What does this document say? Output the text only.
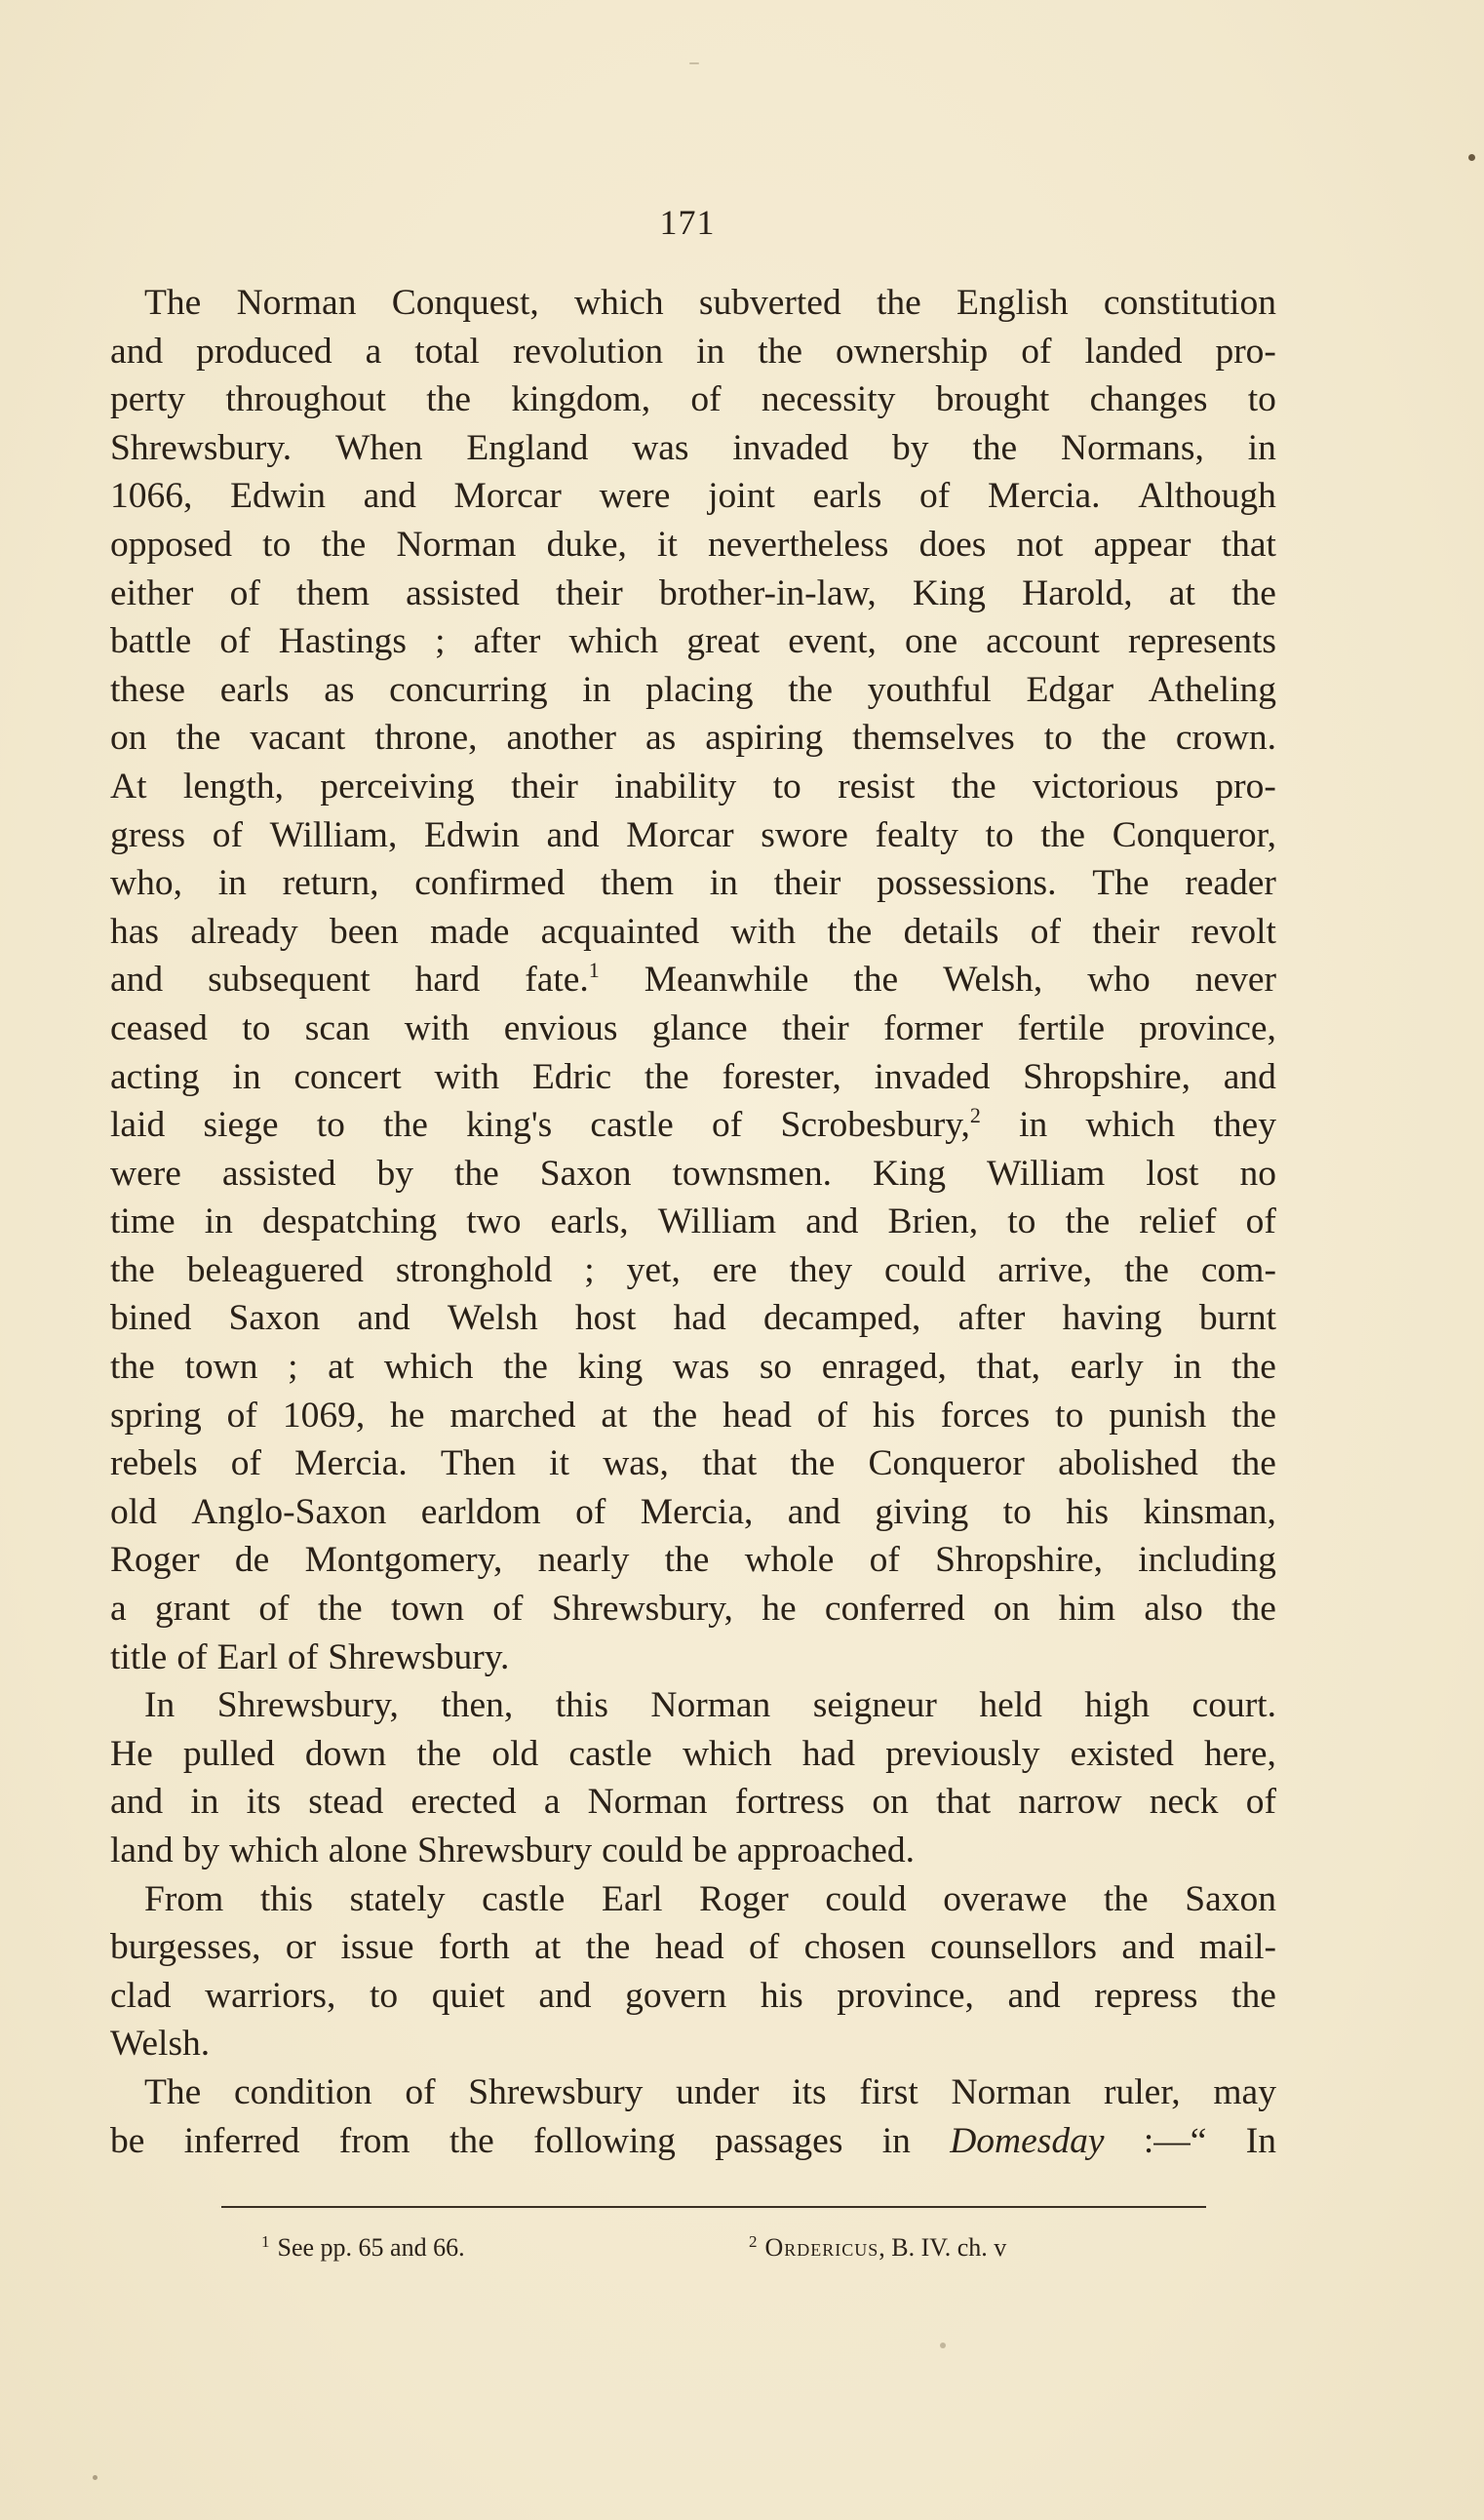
171
The Norman Conquest, which subverted the English constitution
and produced a total revolution in the ownership of landed pro-
perty throughout the kingdom, of necessity brought changes to
Shrewsbury. When England was invaded by the Normans, in
1066, Edwin and Morcar were joint earls of Mercia. Although
opposed to the Norman duke, it nevertheless does not appear that
either of them assisted their brother-in-law, King Harold, at the
battle of Hastings ; after which great event, one account represents
these earls as concurring in placing the youthful Edgar Atheling
on the vacant throne, another as aspiring themselves to the crown.
At length, perceiving their inability to resist the victorious pro-
gress of William, Edwin and Morcar swore fealty to the Conqueror,
who, in return, confirmed them in their possessions. The reader
has already been made acquainted with the details of their revolt
and subsequent hard fate.$^1$ Meanwhile the Welsh, who never
ceased to scan with envious glance their former fertile province,
acting in concert with Edric the forester, invaded Shropshire, and
laid siege to the king's castle of Scrobesbury,$^2$ in which they
were assisted by the Saxon townsmen. King William lost no
time in despatching two earls, William and Brien, to the relief of
the beleaguered stronghold ; yet, ere they could arrive, the com-
bined Saxon and Welsh host had decamped, after having burnt
the town ; at which the king was so enraged, that, early in the
spring of 1069, he marched at the head of his forces to punish the
rebels of Mercia. Then it was, that the Conqueror abolished the
old Anglo-Saxon earldom of Mercia, and giving to his kinsman,
Roger de Montgomery, nearly the whole of Shropshire, including
a grant of the town of Shrewsbury, he conferred on him also the
title of Earl of Shrewsbury.
In Shrewsbury, then, this Norman seigneur held high court.
He pulled down the old castle which had previously existed here,
and in its stead erected a Norman fortress on that narrow neck of
land by which alone Shrewsbury could be approached.
From this stately castle Earl Roger could overawe the Saxon
burgesses, or issue forth at the head of chosen counsellors and mail-
clad warriors, to quiet and govern his province, and repress the
Welsh.
The condition of Shrewsbury under its first Norman ruler, may
be inferred from the following passages in Domesday :—“ In
$^1$ See pp. 65 and 66.	$^2$ Ordericus, B. IV. ch. v
